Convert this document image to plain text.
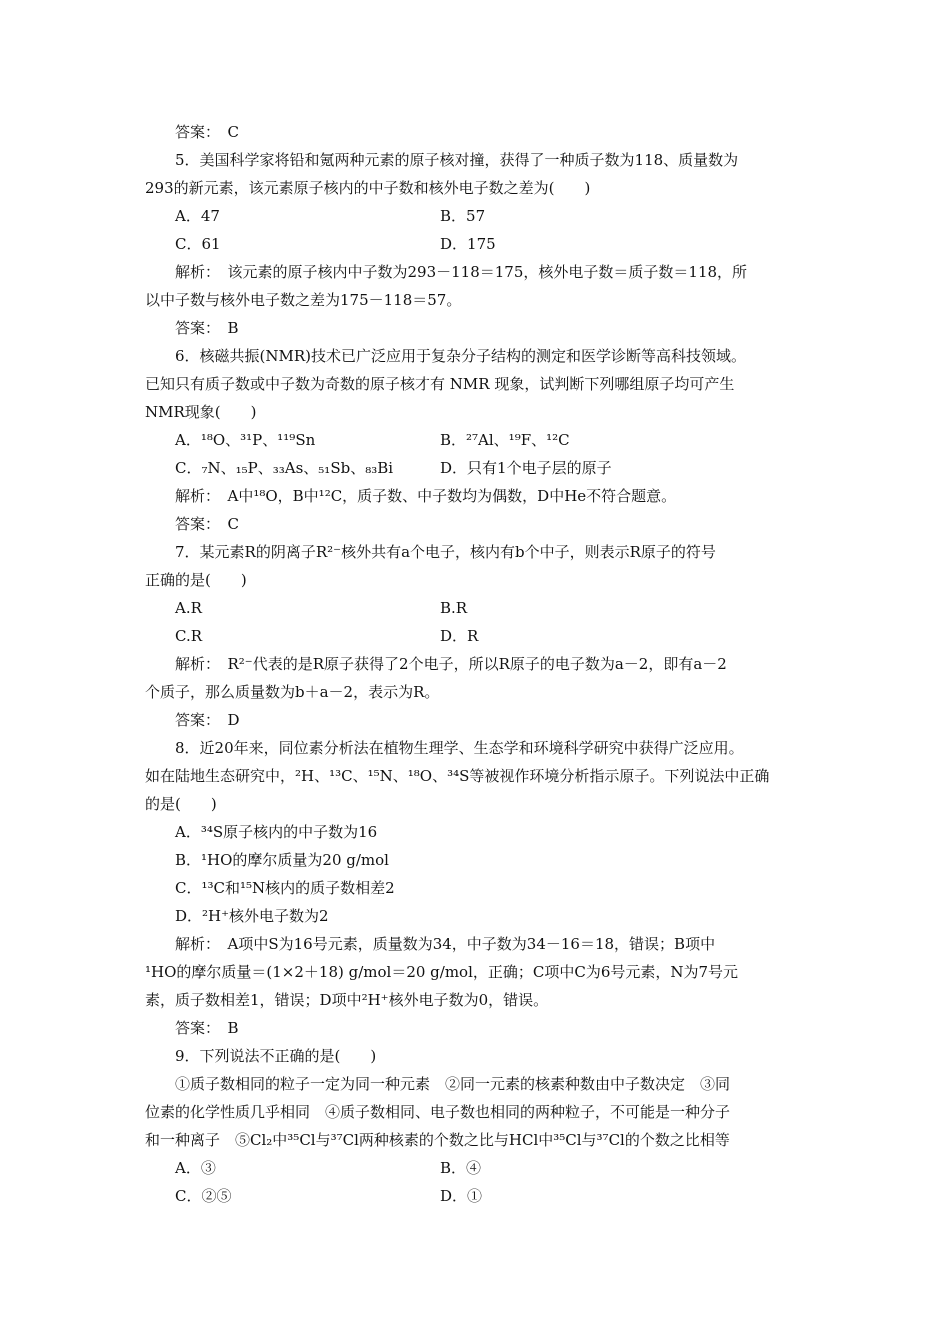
答案：　C
5．美国科学家将铅和氪两种元素的原子核对撞，获得了一种质子数为118、质量数为
293的新元素，该元素原子核内的中子数和核外电子数之差为(　　)
A．47	B．57
C．61	D．175
解析：　该元素的原子核内中子数为293－118＝175，核外电子数＝质子数＝118，所
以中子数与核外电子数之差为175－118＝57。
答案：　B
6．核磁共振(NMR)技术已广泛应用于复杂分子结构的测定和医学诊断等高科技领域。
已知只有质子数或中子数为奇数的原子核才有 NMR 现象，试判断下列哪组原子均可产生
NMR现象(　　)
A．¹⁸O、³¹P、¹¹⁹Sn	B．²⁷Al、¹⁹F、¹²C
C．₇N、₁₅P、₃₃As、₅₁Sb、₈₃Bi	D．只有1个电子层的原子
解析：　A中¹⁸O，B中¹²C，质子数、中子数均为偶数，D中He不符合题意。
答案：　C
7．某元素R的阴离子R²⁻核外共有a个电子，核内有b个中子，则表示R原子的符号
正确的是(　　)
A.R	B.R
C.R	D．R
解析：　R²⁻代表的是R原子获得了2个电子，所以R原子的电子数为a－2，即有a－2
个质子，那么质量数为b＋a－2，表示为R。
答案：　D
8．近20年来，同位素分析法在植物生理学、生态学和环境科学研究中获得广泛应用。
如在陆地生态研究中，²H、¹³C、¹⁵N、¹⁸O、³⁴S等被视作环境分析指示原子。下列说法中正确
的是(　　)
A．³⁴S原子核内的中子数为16
B．¹HO的摩尔质量为20 g/mol
C．¹³C和¹⁵N核内的质子数相差2
D．²H⁺核外电子数为2
解析：　A项中S为16号元素，质量数为34，中子数为34－16＝18，错误；B项中
¹HO的摩尔质量＝(1×2＋18) g/mol＝20 g/mol，正确；C项中C为6号元素，N为7号元
素，质子数相差1，错误；D项中²H⁺核外电子数为0，错误。
答案：　B
9．下列说法不正确的是(　　)
①质子数相同的粒子一定为同一种元素　②同一元素的核素种数由中子数决定　③同
位素的化学性质几乎相同　④质子数相同、电子数也相同的两种粒子，不可能是一种分子
和一种离子　⑤Cl₂中³⁵Cl与³⁷Cl两种核素的个数之比与HCl中³⁵Cl与³⁷Cl的个数之比相等
A．③	B．④
C．②⑤	D．①
